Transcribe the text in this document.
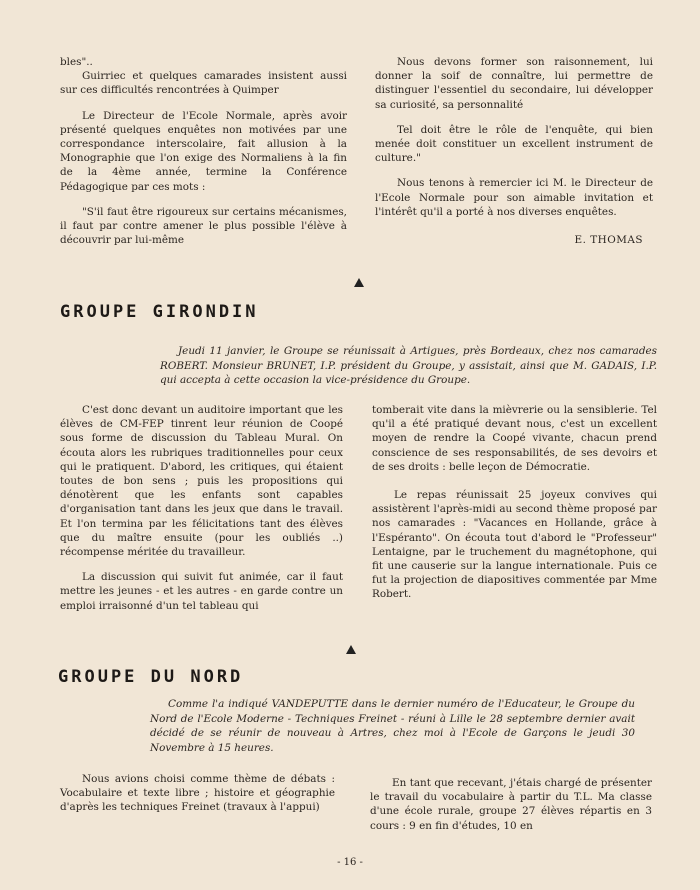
bles"..

Guirriec et quelques camarades insistent aussi sur ces difficultés rencontrées à Quimper

Le Directeur de l'Ecole Normale, après avoir présenté quelques enquêtes non motivées par une correspondance interscolaire, fait allusion à la Monographie que l'on exige des Normaliens à la fin de la 4ème année, termine la Conférence Pédagogique par ces mots :

"S'il faut être rigoureux sur certains mécanismes, il faut par contre amener le plus possible l'élève à découvrir par lui-même

Nous devons former son raisonnement, lui donner la soif de connaître, lui permettre de distinguer l'essentiel du secondaire, lui développer sa curiosité, sa personnalité

Tel doit être le rôle de l'enquête, qui bien menée doit constituer un excellent instrument de culture."

Nous tenons à remercier ici M. le Directeur de l'Ecole Normale pour son aimable invitation et l'intérêt qu'il a porté à nos diverses enquêtes.

E. THOMAS

GROUPE GIRONDIN

Jeudi 11 janvier, le Groupe se réunissait à Artigues, près Bordeaux, chez nos camarades ROBERT. Monsieur BRUNET, I.P. président du Groupe, y assistait, ainsi que M. GADAIS, I.P. qui accepta à cette occasion la vice-présidence du Groupe.

C'est donc devant un auditoire important que les élèves de CM-FEP tinrent leur réunion de Coopé sous forme de discussion du Tableau Mural. On écouta alors les rubriques traditionnelles pour ceux qui le pratiquent. D'abord, les critiques, qui étaient toutes de bon sens ; puis les propositions qui dénotèrent que les enfants sont capables d'organisation tant dans les jeux que dans le travail. Et l'on termina par les félicitations tant des élèves que du maître ensuite (pour les oubliés ..) récompense méritée du travailleur.

La discussion qui suivit fut animée, car il faut mettre les jeunes - et les autres - en garde contre un emploi irraisonné d'un tel tableau qui

tomberait vite dans la mièvrerie ou la sensiblerie. Tel qu'il a été pratiqué devant nous, c'est un excellent moyen de rendre la Coopé vivante, chacun prend conscience de ses responsabilités, de ses devoirs et de ses droits : belle leçon de Démocratie.

Le repas réunissait 25 joyeux convives qui assistèrent l'après-midi au second thème proposé par nos camarades : "Vacances en Hollande, grâce à l'Espéranto". On écouta tout d'abord le "Professeur" Lentaigne, par le truchement du magnétophone, qui fit une causerie sur la langue internationale. Puis ce fut la projection de diapositives commentée par Mme Robert.

GROUPE DU NORD

Comme l'a indiqué VANDEPUTTE dans le dernier numéro de l'Educateur, le Groupe du Nord de l'Ecole Moderne - Techniques Freinet - réuni à Lille le 28 septembre dernier avait décidé de se réunir de nouveau à Artres, chez moi à l'Ecole de Garçons le jeudi 30 Novembre à 15 heures.

Nous avions choisi comme thème de débats : Vocabulaire et texte libre ; histoire et géographie d'après les techniques Freinet (travaux à l'appui)

En tant que recevant, j'étais chargé de présenter le travail du vocabulaire à partir du T.L. Ma classe d'une école rurale, groupe 27 élèves répartis en 3 cours : 9 en fin d'études, 10 en

- 16 -
